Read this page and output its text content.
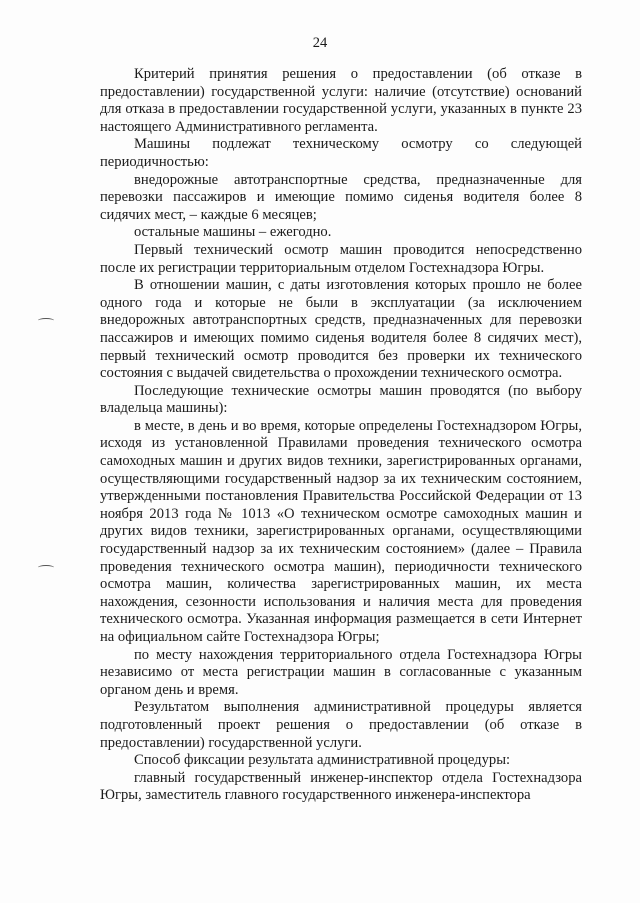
24

Критерий принятия решения о предоставлении (об отказе в предоставлении) государственной услуги: наличие (отсутствие) оснований для отказа в предоставлении государственной услуги, указанных в пункте 23 настоящего Административного регламента.

Машины подлежат техническому осмотру со следующей периодичностью:

внедорожные автотранспортные средства, предназначенные для перевозки пассажиров и имеющие помимо сиденья водителя более 8 сидячих мест, – каждые 6 месяцев;

остальные машины – ежегодно.

Первый технический осмотр машин проводится непосредственно после их регистрации территориальным отделом Гостехнадзора Югры.

В отношении машин, с даты изготовления которых прошло не более одного года и которые не были в эксплуатации (за исключением внедорожных автотранспортных средств, предназначенных для перевозки пассажиров и имеющих помимо сиденья водителя более 8 сидячих мест), первый технический осмотр проводится без проверки их технического состояния с выдачей свидетельства о прохождении технического осмотра.

Последующие технические осмотры машин проводятся (по выбору владельца машины):

в месте, в день и во время, которые определены Гостехнадзором Югры, исходя из установленной Правилами проведения технического осмотра самоходных машин и других видов техники, зарегистрированных органами, осуществляющими государственный надзор за их техническим состоянием, утвержденными постановления Правительства Российской Федерации от 13 ноября 2013 года № 1013 «О техническом осмотре самоходных машин и других видов техники, зарегистрированных органами, осуществляющими государственный надзор за их техническим состоянием» (далее – Правила проведения технического осмотра машин), периодичности технического осмотра машин, количества зарегистрированных машин, их места нахождения, сезонности использования и наличия места для проведения технического осмотра. Указанная информация размещается в сети Интернет на официальном сайте Гостехнадзора Югры;

по месту нахождения территориального отдела Гостехнадзора Югры независимо от места регистрации машин в согласованные с указанным органом день и время.

Результатом выполнения административной процедуры является подготовленный проект решения о предоставлении (об отказе в предоставлении) государственной услуги.

Способ фиксации результата административной процедуры:

главный государственный инженер-инспектор отдела Гостехнадзора Югры, заместитель главного государственного инженера-инспектора
